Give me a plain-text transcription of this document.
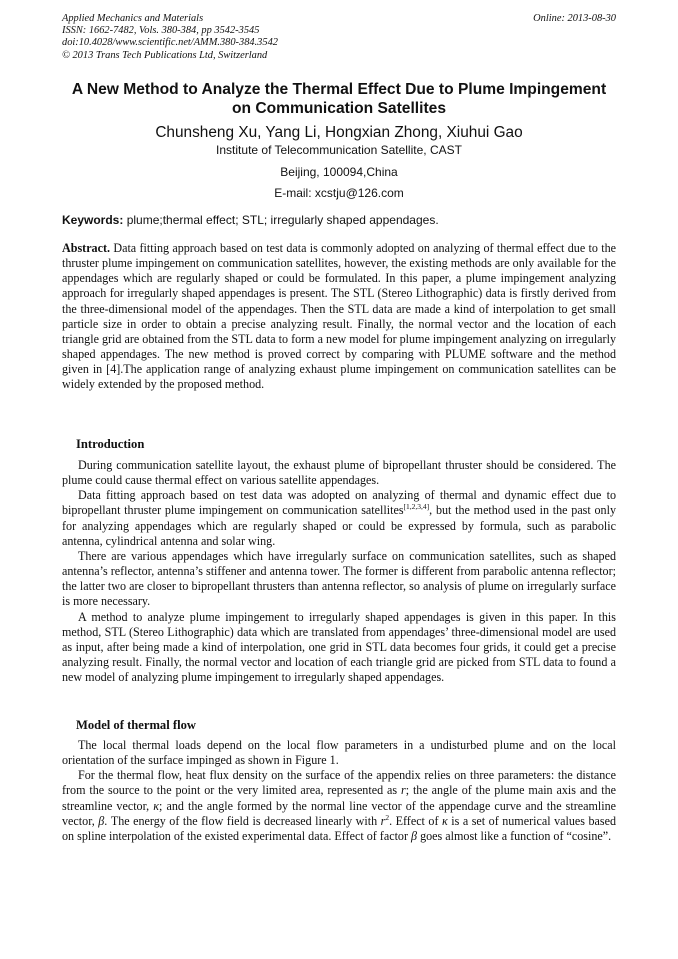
Applied Mechanics and Materials
ISSN: 1662-7482, Vols. 380-384, pp 3542-3545
doi:10.4028/www.scientific.net/AMM.380-384.3542
© 2013 Trans Tech Publications Ltd, Switzerland
Online: 2013-08-30
A New Method to Analyze the Thermal Effect Due to Plume Impingement
on Communication Satellites
Chunsheng Xu, Yang Li, Hongxian Zhong, Xiuhui Gao
Institute of Telecommunication Satellite, CAST
Beijing, 100094,China
E-mail: xcstju@126.com
Keywords: plume;thermal effect; STL; irregularly shaped appendages.

Abstract. Data fitting approach based on test data is commonly adopted on analyzing of thermal effect due to the thruster plume impingement on communication satellites, however, the existing methods are only available for the appendages which are regularly shaped or could be formulated. In this paper, a plume impingement analyzing approach for irregularly shaped appendages is present. The STL (Stereo Lithographic) data is firstly derived from the three-dimensional model of the appendages. Then the STL data are made a kind of interpolation to get small particle size in order to obtain a precise analyzing result. Finally, the normal vector and the location of each triangle grid are obtained from the STL data to form a new model for plume impingement analyzing on irregularly shaped appendages. The new method is proved correct by comparing with PLUME software and the method given in [4].The application range of analyzing exhaust plume impingement on communication satellites can be widely extended by the proposed method.

Introduction

During communication satellite layout, the exhaust plume of bipropellant thruster should be considered. The plume could cause thermal effect on various satellite appendages.

Data fitting approach based on test data was adopted on analyzing of thermal and dynamic effect due to bipropellant thruster plume impingement on communication satellites[1,2,3,4], but the method used in the past only for analyzing appendages which are regularly shaped or could be expressed by formula, such as parabolic antenna, cylindrical antenna and solar wing.

There are various appendages which have irregularly surface on communication satellites, such as shaped antenna’s reflector, antenna’s stiffener and antenna tower. The former is different from parabolic antenna reflector; the latter two are closer to bipropellant thrusters than antenna reflector, so analysis of plume on irregularly surface is more necessary.

A method to analyze plume impingement to irregularly shaped appendages is given in this paper. In this method, STL (Stereo Lithographic) data which are translated from appendages’ three-dimensional model are used as input, after being made a kind of interpolation, one grid in STL data becomes four grids, it could get a precise analyzing result. Finally, the normal vector and location of each triangle grid are picked from STL data to found a new model of analyzing plume impingement to irregularly shaped appendages.

Model of thermal flow

The local thermal loads depend on the local flow parameters in a undisturbed plume and on the local orientation of the surface impinged as shown in Figure 1.

For the thermal flow, heat flux density on the surface of the appendix relies on three parameters: the distance from the source to the point or the very limited area, represented as r; the angle of the plume main axis and the streamline vector, κ; and the angle formed by the normal line vector of the appendage curve and the streamline vector, β. The energy of the flow field is decreased linearly with $r^2$. Effect of κ is a set of numerical values based on spline interpolation of the existed experimental data. Effect of factor β goes almost like a function of “cosine”.
